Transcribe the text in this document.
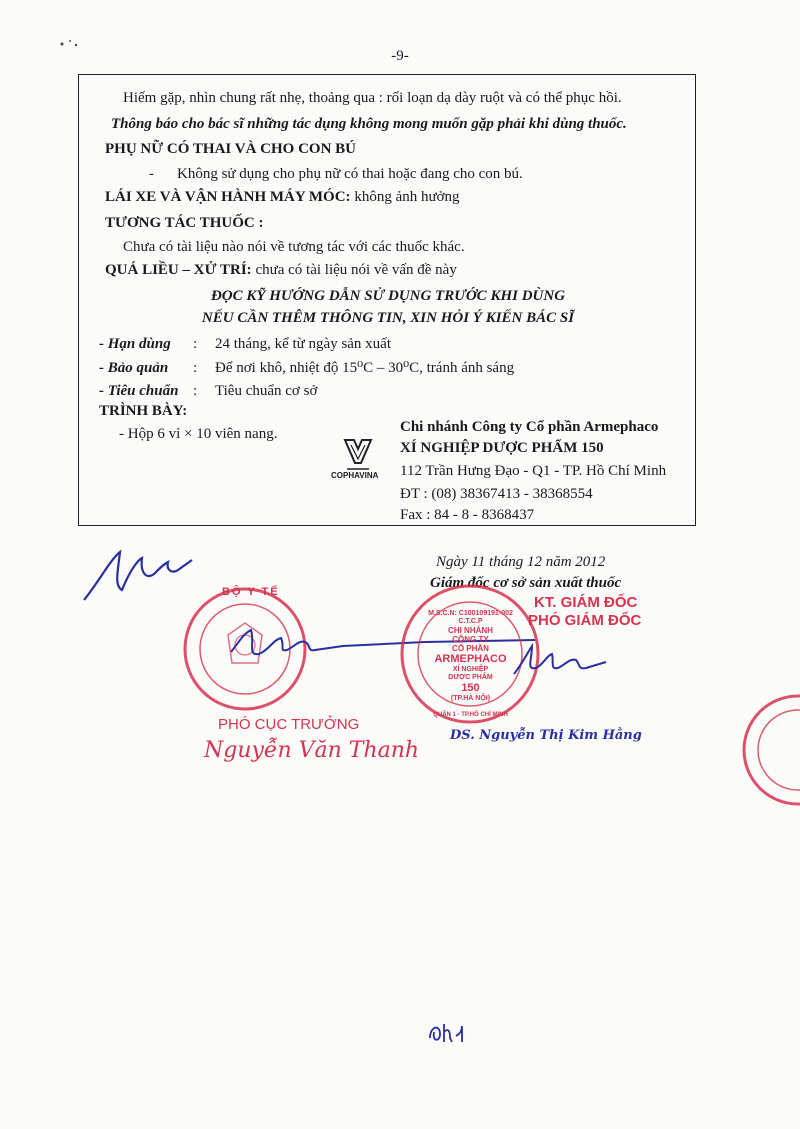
-9-
Hiếm gặp, nhìn chung rất nhẹ, thoảng qua : rối loạn dạ dày ruột và có thể phục hồi.
Thông báo cho bác sĩ những tác dụng không mong muốn gặp phải khi dùng thuốc.
PHỤ NỮ CÓ THAI VÀ CHO CON BÚ
- Không sử dụng cho phụ nữ có thai hoặc đang cho con bú.
LÁI XE VÀ VẬN HÀNH MÁY MÓC: không ảnh hưởng
TƯƠNG TÁC THUỐC :
Chưa có tài liệu nào nói về tương tác với các thuốc khác.
QUÁ LIỀU – XỬ TRÍ: chưa có tài liệu nói về vấn đề này
ĐỌC KỸ HƯỚNG DẪN SỬ DỤNG TRƯỚC KHI DÙNG
NẾU CẦN THÊM THÔNG TIN, XIN HỎI Ý KIẾN BÁC SĨ
- Hạn dùng : 24 tháng, kể từ ngày sản xuất
- Bảo quản : Để nơi khô, nhiệt độ 15⁰C – 30⁰C, tránh ánh sáng
- Tiêu chuẩn : Tiêu chuẩn cơ sở
TRÌNH BÀY:
- Hộp 6 vỉ × 10 viên nang.
COPHAVINA
Chi nhánh Công ty Cổ phần Armephaco
XÍ NGHIỆP DƯỢC PHẨM 150
112 Trần Hưng Đạo - Q1 - TP. Hồ Chí Minh
ĐT : (08) 38367413 - 38368554
Fax : 84 - 8 - 8368437
Ngày 11 tháng 12 năm 2012
Giám đốc cơ sở sản xuất thuốc
BỘ Y TẾ
M.S.C.N: C100109191-002 C.T.C.P
CHI NHÁNH
CÔNG TY
CỔ PHẦN
ARMEPHACO
XÍ NGHIỆP
DƯỢC PHẨM
150
(TP.HÀ NỘI)
QUẬN 1 - TP.HỒ CHÍ MINH
KT. GIÁM ĐỐC
PHÓ GIÁM ĐỐC
DS. Nguyễn Thị Kim Hằng
PHÓ CỤC TRƯỞNG
Nguyễn Văn Thanh
